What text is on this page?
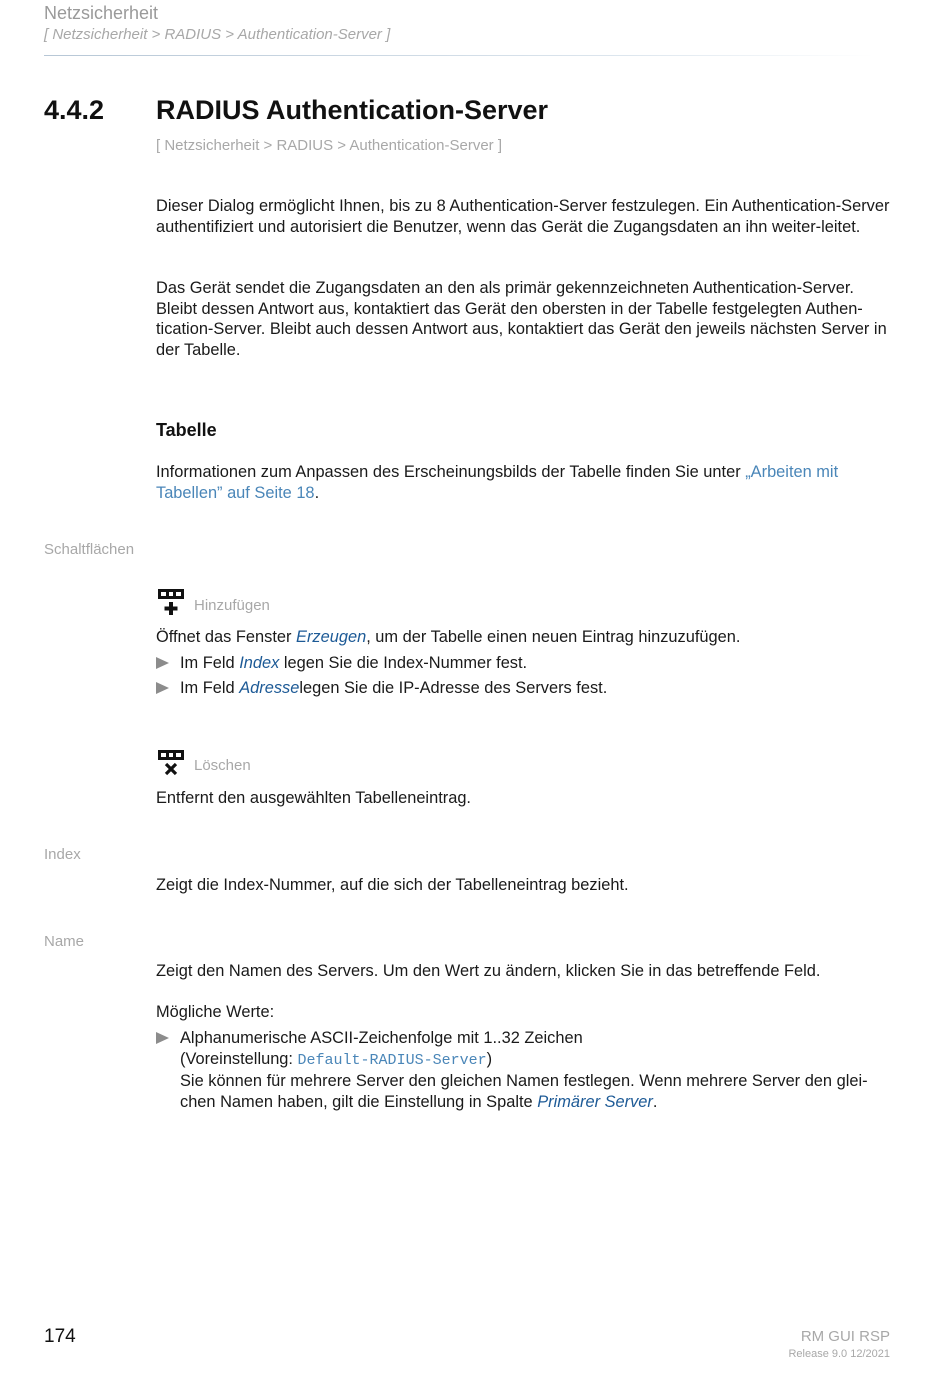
Netzsicherheit
[ Netzsicherheit > RADIUS > Authentication-Server ]
4.4.2 RADIUS Authentication-Server
[ Netzsicherheit > RADIUS > Authentication-Server ]
Dieser Dialog ermöglicht Ihnen, bis zu 8 Authentication-Server festzulegen. Ein Authentication-Server authentifiziert und autorisiert die Benutzer, wenn das Gerät die Zugangsdaten an ihn weiter-leitet.
Das Gerät sendet die Zugangsdaten an den als primär gekennzeichneten Authentication-Server. Bleibt dessen Antwort aus, kontaktiert das Gerät den obersten in der Tabelle festgelegten Authen-tication-Server. Bleibt auch dessen Antwort aus, kontaktiert das Gerät den jeweils nächsten Server in der Tabelle.
Tabelle
Informationen zum Anpassen des Erscheinungsbilds der Tabelle finden Sie unter „Arbeiten mit Tabellen” auf Seite 18.
Schaltflächen
Hinzufügen
Öffnet das Fenster Erzeugen, um der Tabelle einen neuen Eintrag hinzuzufügen.
Im Feld Index legen Sie die Index-Nummer fest.
Im Feld Adresselegen Sie die IP-Adresse des Servers fest.
Löschen
Entfernt den ausgewählten Tabelleneintrag.
Index
Zeigt die Index-Nummer, auf die sich der Tabelleneintrag bezieht.
Name
Zeigt den Namen des Servers. Um den Wert zu ändern, klicken Sie in das betreffende Feld.
Mögliche Werte:
Alphanumerische ASCII-Zeichenfolge mit 1..32 Zeichen
(Voreinstellung: Default-RADIUS-Server)
Sie können für mehrere Server den gleichen Namen festlegen. Wenn mehrere Server den glei-chen Namen haben, gilt die Einstellung in Spalte Primärer Server.
174	RM GUI RSP
Release 9.0 12/2021
